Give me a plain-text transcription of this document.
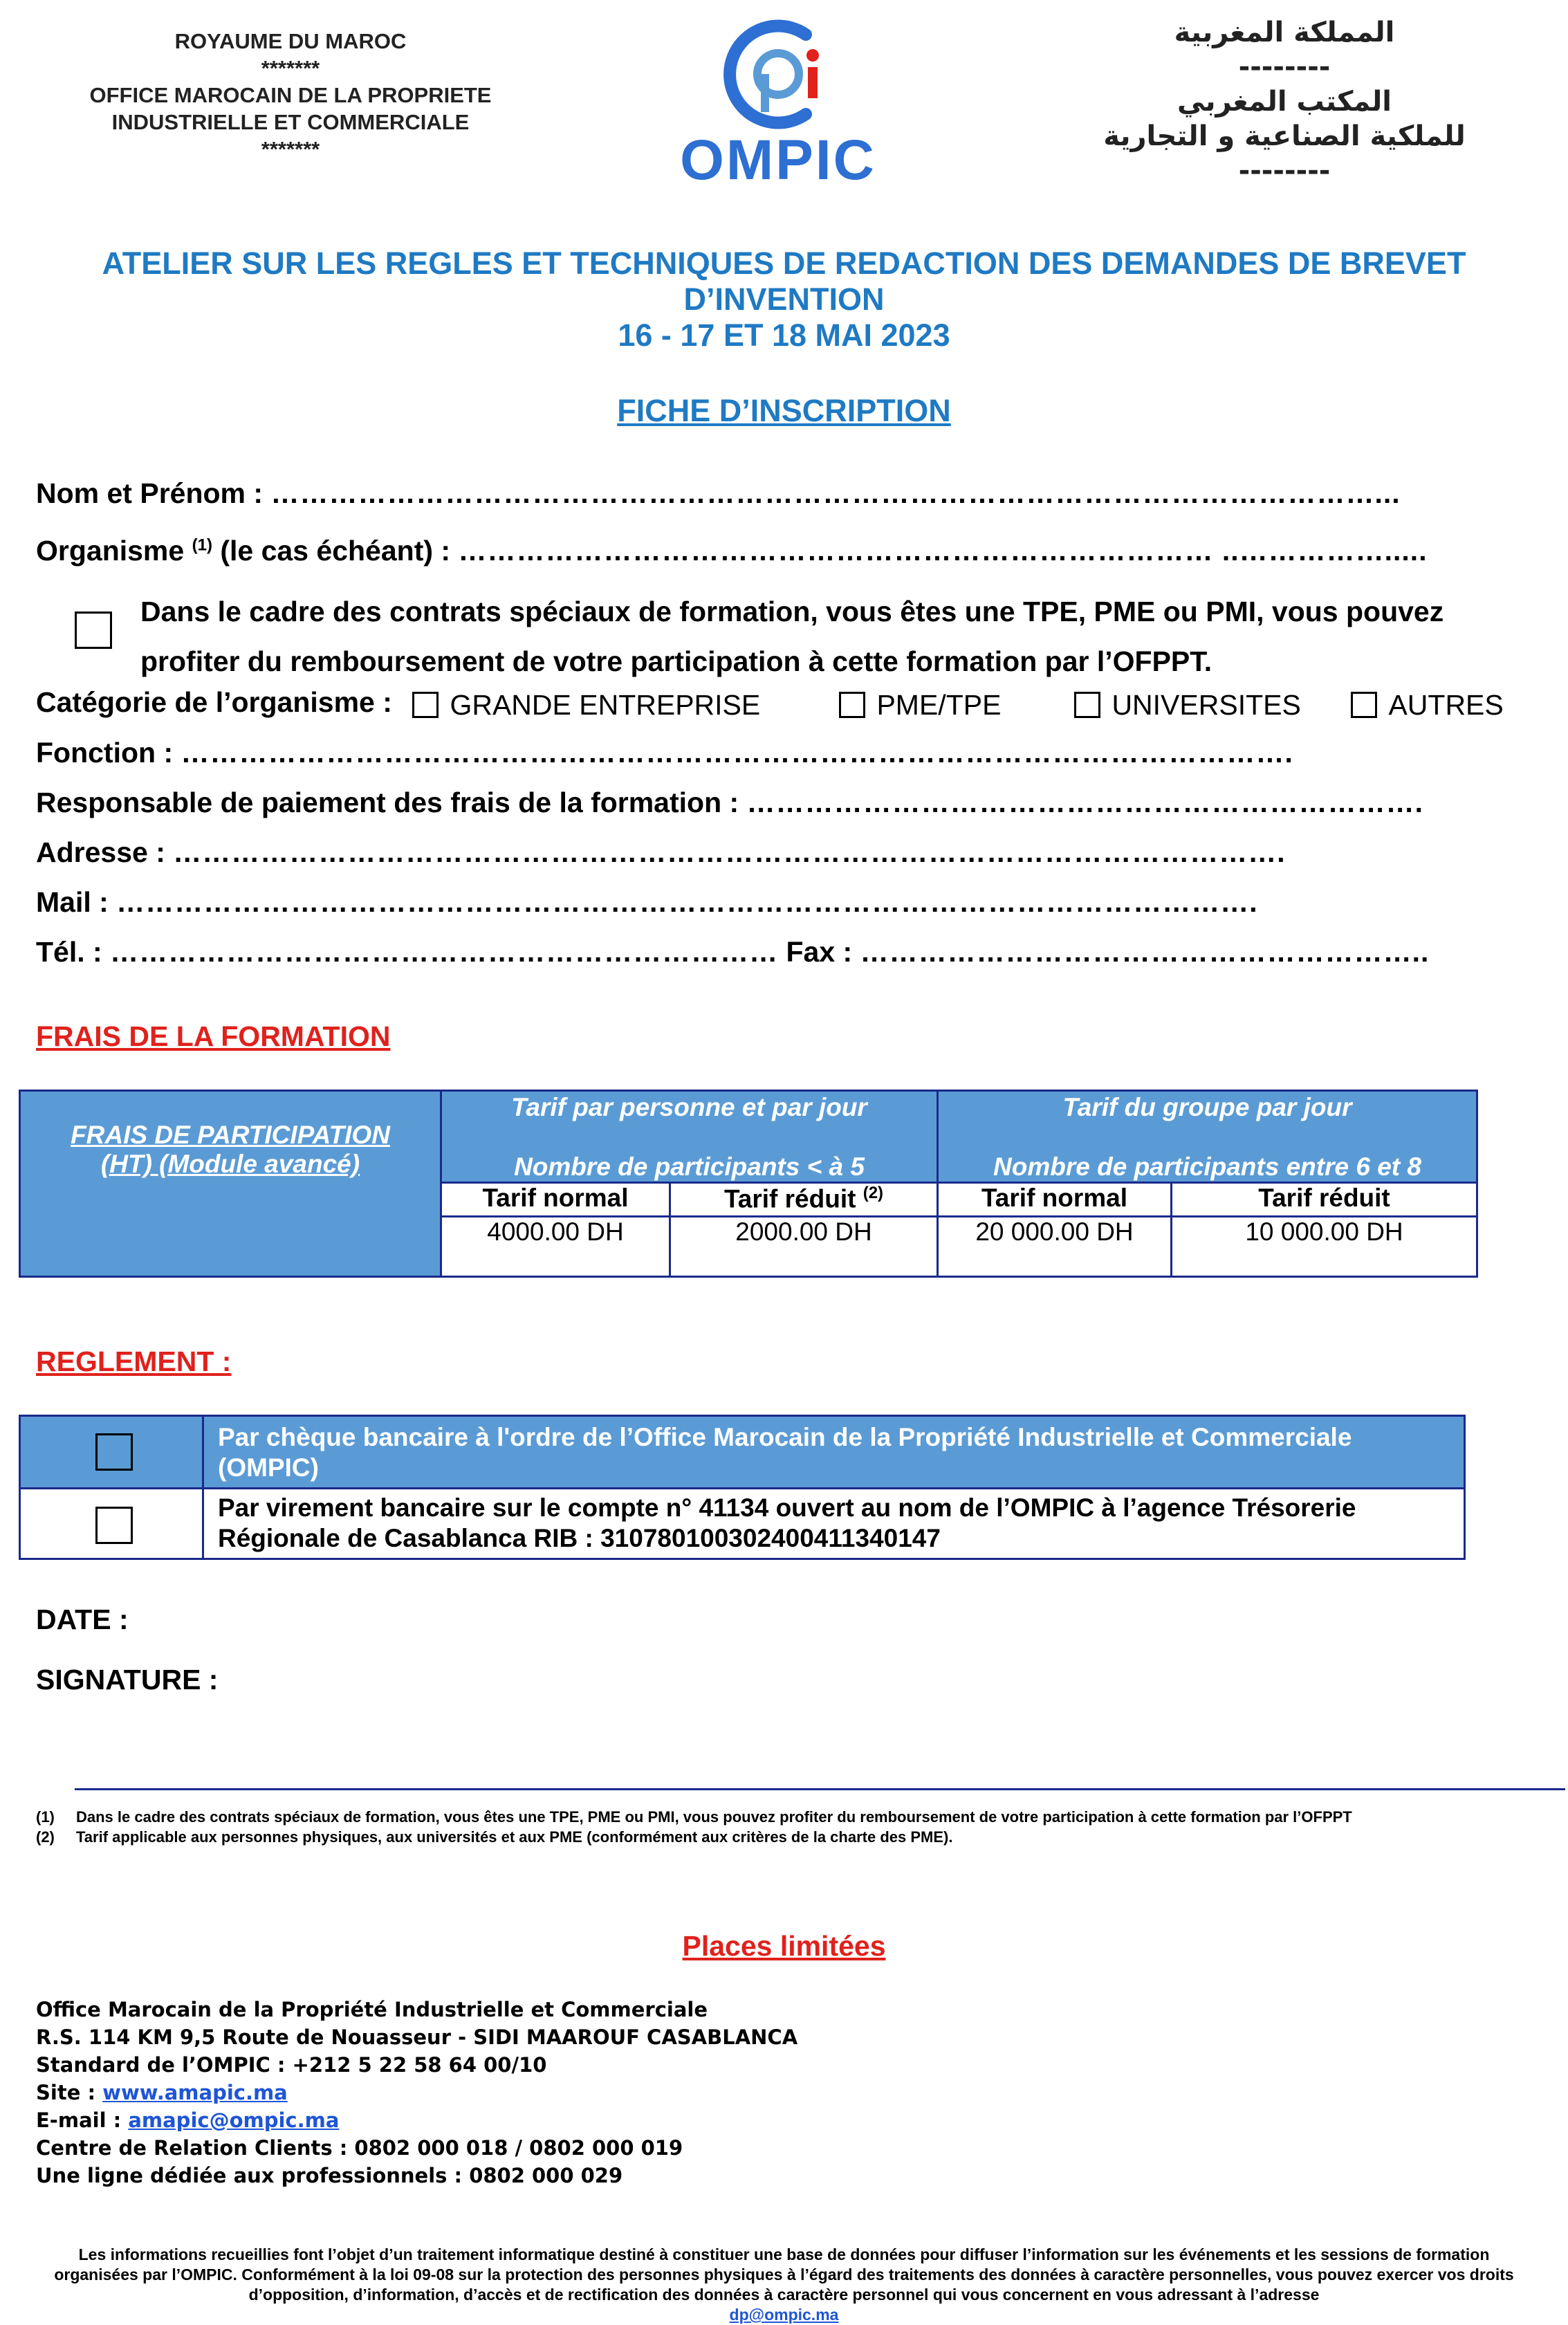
ROYAUME DU MAROC
*******
OFFICE MAROCAIN DE LA PROPRIETE
INDUSTRIELLE ET COMMERCIALE
*******	OMPIC
المملكة المغربية
--------
المكتب المغربي
للملكية الصناعية و التجارية
--------
ATELIER SUR LES REGLES ET TECHNIQUES DE REDACTION DES DEMANDES DE BREVET
D’INVENTION
16 - 17 ET 18 MAI 2023
FICHE D’INSCRIPTION
Nom et Prénom : ……………………………………………………………………………………………………...
Organisme $^{(1)}$ (le cas échéant) : …………………………………………………………………… ..…………….....
Dans le cadre des contrats spéciaux de formation, vous êtes une TPE, PME ou PMI, vous pouvez
profiter du remboursement de votre participation à cette formation par l’OFPPT.
Catégorie de l’organisme :	GRANDE ENTREPRISE	PME/TPE	UNIVERSITES	AUTRES
Fonction : …………………………………………………………………………………………………….
Responsable de paiement des frais de la formation : …………………………………………………………….
Adresse : …………………………………………………………………………………………………….
Mail : ……………………………………………………………………………………………………….
Tél. : …………………………………………………………… Fax : …………………………………………………..
FRAIS DE LA FORMATION
FRAIS DE PARTICIPATION
(HT) (Module avancé)
Tarif par personne et par jour
Nombre de participants < à 5
Tarif du groupe par jour
Nombre de participants entre 6 et 8
Tarif normal	Tarif réduit $^{(2)}$	Tarif normal	Tarif réduit
4000.00 DH	2000.00 DH	20 000.00 DH	10 000.00 DH
REGLEMENT :
Par chèque bancaire à l'ordre de l’Office Marocain de la Propriété Industrielle et Commerciale (OMPIC)
Par virement bancaire sur le compte n° 41134 ouvert au nom de l’OMPIC à l’agence Trésorerie Régionale de Casablanca RIB : 310780100302400411340147
DATE :
SIGNATURE :
(1) Dans le cadre des contrats spéciaux de formation, vous êtes une TPE, PME ou PMI, vous pouvez profiter du remboursement de votre participation à cette formation par l’OFPPT
(2) Tarif applicable aux personnes physiques, aux universités et aux PME (conformément aux critères de la charte des PME).
Places limitées
Office Marocain de la Propriété Industrielle et Commerciale
R.S. 114 KM 9,5 Route de Nouasseur - SIDI MAAROUF CASABLANCA
Standard de l’OMPIC : +212 5 22 58 64 00/10
Site : www.amapic.ma
E-mail : amapic@ompic.ma
Centre de Relation Clients : 0802 000 018 / 0802 000 019
Une ligne dédiée aux professionnels : 0802 000 029
Les informations recueillies font l’objet d’un traitement informatique destiné à constituer une base de données pour diffuser l’information sur les événements et les sessions de formation organisées par l’OMPIC. Conformément à la loi 09-08 sur la protection des personnes physiques à l’égard des traitements des données à caractère personnelles, vous pouvez exercer vos droits d’opposition, d’information, d’accès et de rectification des données à caractère personnel qui vous concernent en vous adressant à l’adresse
dp@ompic.ma
